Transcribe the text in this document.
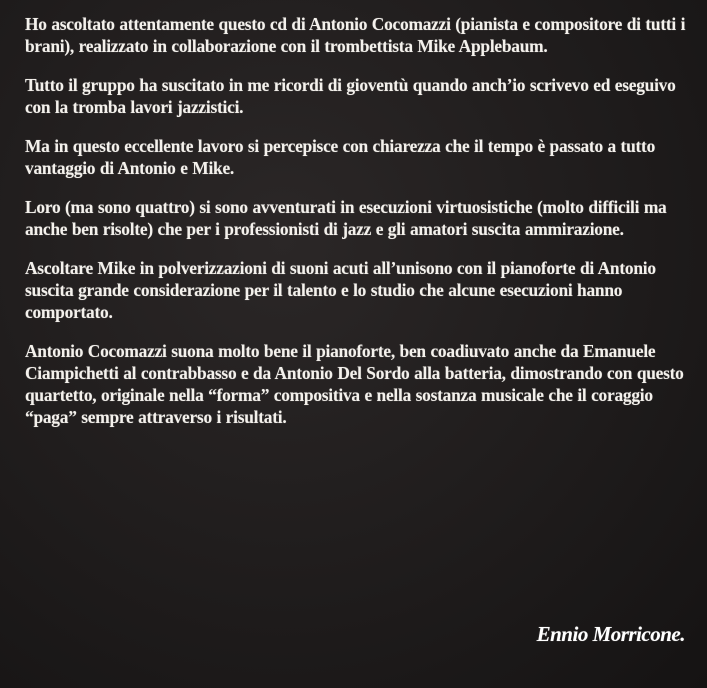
Ho ascoltato attentamente questo cd di Antonio Cocomazzi (pianista e compositore di tutti i brani), realizzato in collaborazione con il trombettista Mike Applebaum.

Tutto il gruppo ha suscitato in me ricordi di gioventù quando anch’io scrivevo ed eseguivo con la tromba lavori jazzistici.

Ma in questo eccellente lavoro si percepisce con chiarezza che il tempo è passato a tutto vantaggio di Antonio e Mike.

Loro (ma sono quattro) si sono avventurati in esecuzioni virtuosistiche (molto difficili ma anche ben risolte) che per i professionisti di jazz e gli amatori suscita ammirazione.

Ascoltare Mike in polverizzazioni di suoni acuti all’unisono con il pianoforte di Antonio suscita grande considerazione per il talento e lo studio che alcune esecuzioni hanno comportato.

Antonio Cocomazzi suona molto bene il pianoforte, ben coadiuvato anche da Emanuele Ciampichetti al contrabbasso e da Antonio Del Sordo alla batteria, dimostrando con questo quartetto, originale nella “forma” compositiva e nella sostanza musicale che il coraggio “paga” sempre attraverso i risultati.

Ennio Morricone.
